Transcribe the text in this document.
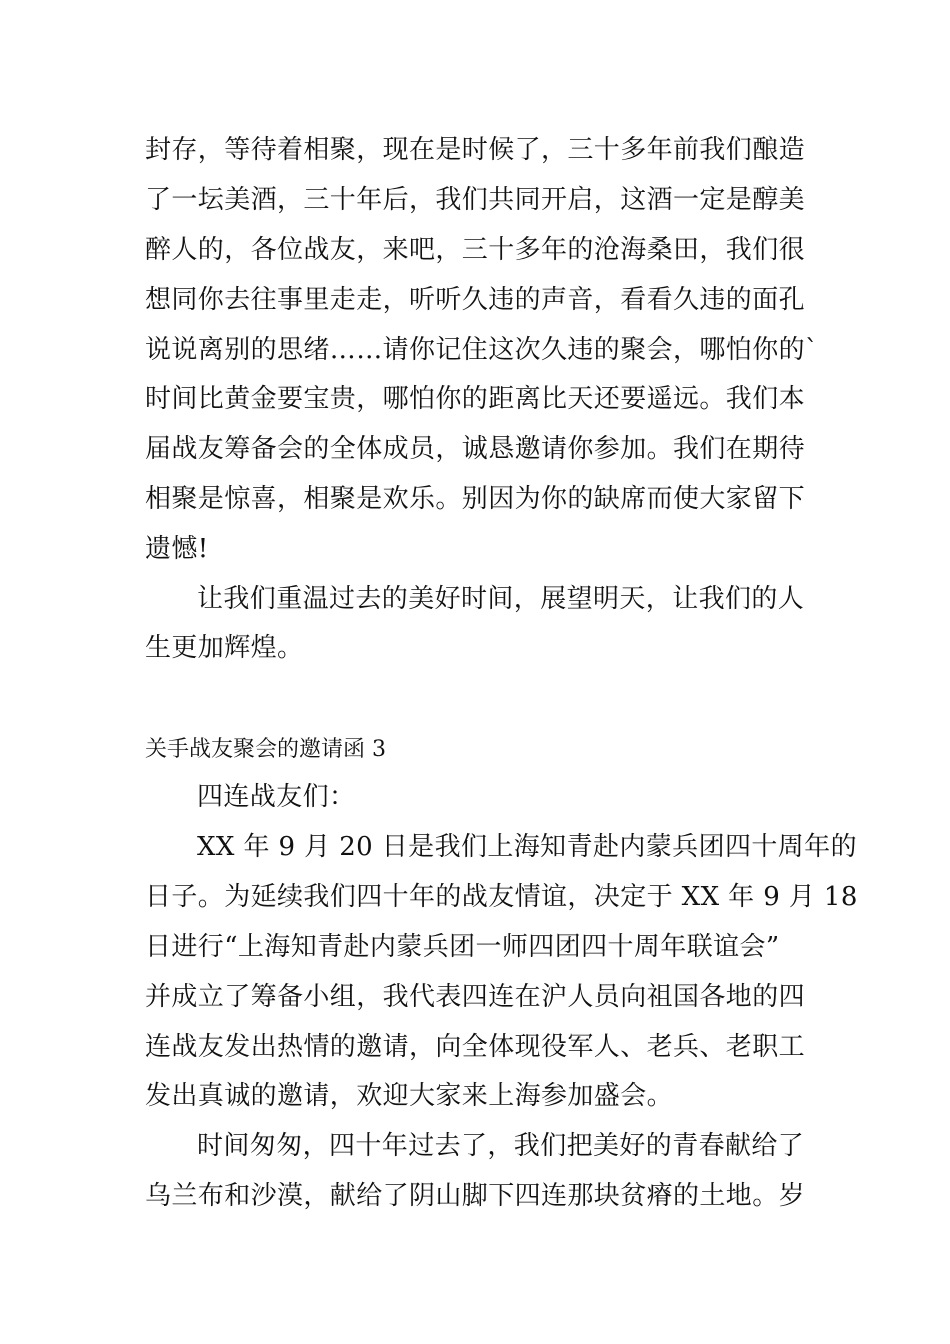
封存，等待着相聚，现在是时候了，三十多年前我们酿造
了一坛美酒，三十年后，我们共同开启，这酒一定是醇美
醉人的，各位战友，来吧，三十多年的沧海桑田，我们很
想同你去往事里走走，听听久违的声音，看看久违的面孔
说说离别的思绪……请你记住这次久违的聚会，哪怕你的`
时间比黄金要宝贵，哪怕你的距离比天还要遥远。我们本
届战友筹备会的全体成员，诚恳邀请你参加。我们在期待
相聚是惊喜，相聚是欢乐。别因为你的缺席而使大家留下
遗憾!
让我们重温过去的美好时间，展望明天，让我们的人
生更加辉煌。
关手战友聚会的邀请函 3
四连战友们：
XX 年 9 月 20 日是我们上海知青赴内蒙兵团四十周年的
日子。为延续我们四十年的战友情谊，决定于 XX 年 9 月 18
日进行“上海知青赴内蒙兵团一师四团四十周年联谊会”
并成立了筹备小组，我代表四连在沪人员向祖国各地的四
连战友发出热情的邀请，向全体现役军人、老兵、老职工
发出真诚的邀请，欢迎大家来上海参加盛会。
时间匆匆，四十年过去了，我们把美好的青春献给了
乌兰布和沙漠，献给了阴山脚下四连那块贫瘠的土地。岁
